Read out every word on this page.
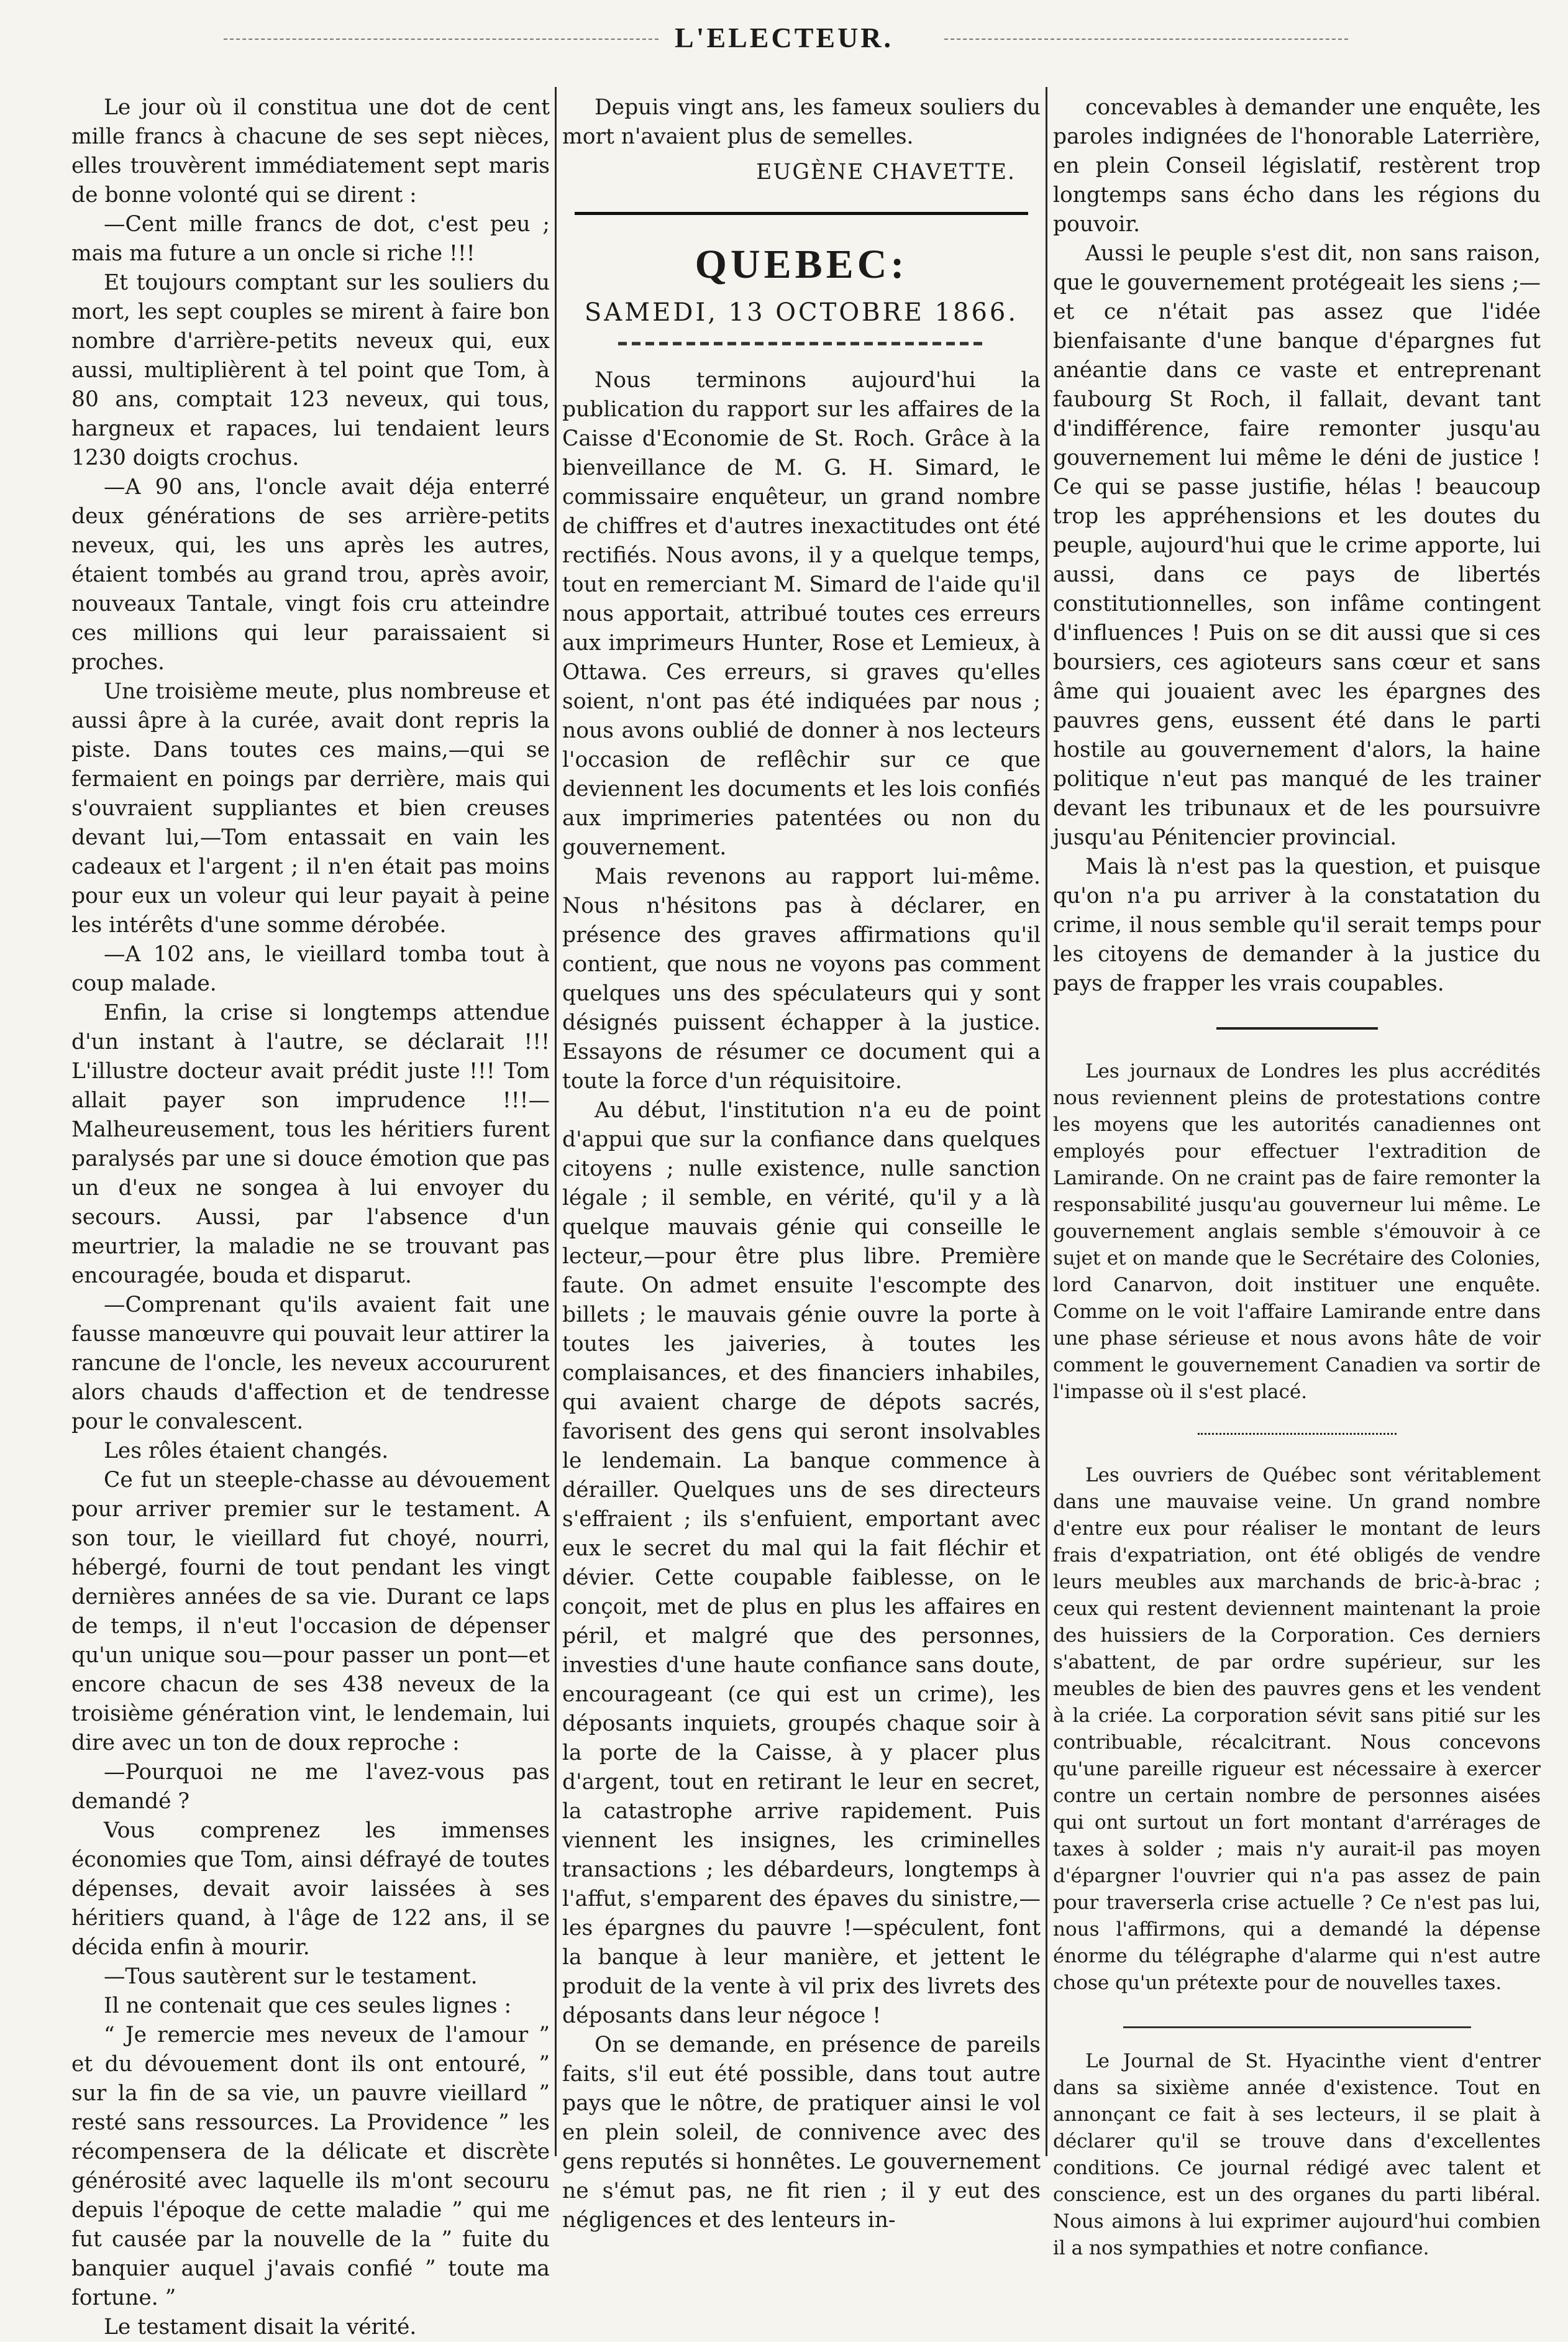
L'ELECTEUR.

Le jour où il constitua une dot de cent mille francs à chacune de ses sept nièces, elles trouvèrent immédiatement sept maris de bonne volonté qui se dirent :

—Cent mille francs de dot, c'est peu ; mais ma future a un oncle si riche !!!

Et toujours comptant sur les souliers du mort, les sept couples se mirent à faire bon nombre d'arrière-petits neveux qui, eux aussi, multiplièrent à tel point que Tom, à 80 ans, comptait 123 neveux, qui tous, hargneux et rapaces, lui tendaient leurs 1230 doigts crochus.

—A 90 ans, l'oncle avait déja enterré deux générations de ses arrière-petits neveux, qui, les uns après les autres, étaient tombés au grand trou, après avoir, nouveaux Tantale, vingt fois cru atteindre ces millions qui leur paraissaient si proches.

Une troisième meute, plus nombreuse et aussi âpre à la curée, avait dont repris la piste. Dans toutes ces mains,—qui se fermaient en poings par derrière, mais qui s'ouvraient suppliantes et bien creuses devant lui,—Tom entassait en vain les cadeaux et l'argent ; il n'en était pas moins pour eux un voleur qui leur payait à peine les intérêts d'une somme dérobée.

—A 102 ans, le vieillard tomba tout à coup malade.

Enfin, la crise si longtemps attendue d'un instant à l'autre, se déclarait !!! L'illustre docteur avait prédit juste !!! Tom allait payer son imprudence !!!—Malheureusement, tous les héritiers furent paralysés par une si douce émotion que pas un d'eux ne songea à lui envoyer du secours. Aussi, par l'absence d'un meurtrier, la maladie ne se trouvant pas encouragée, bouda et disparut.

—Comprenant qu'ils avaient fait une fausse manœuvre qui pouvait leur attirer la rancune de l'oncle, les neveux accoururent alors chauds d'affection et de tendresse pour le convalescent.

Les rôles étaient changés.

Ce fut un steeple-chasse au dévouement pour arriver premier sur le testament. A son tour, le vieillard fut choyé, nourri, hébergé, fourni de tout pendant les vingt dernières années de sa vie. Durant ce laps de temps, il n'eut l'occasion de dépenser qu'un unique sou—pour passer un pont—et encore chacun de ses 438 neveux de la troisième génération vint, le lendemain, lui dire avec un ton de doux reproche :

—Pourquoi ne me l'avez-vous pas demandé ?

Vous comprenez les immenses économies que Tom, ainsi défrayé de toutes dépenses, devait avoir laissées à ses héritiers quand, à l'âge de 122 ans, il se décida enfin à mourir.

—Tous sautèrent sur le testament.

Il ne contenait que ces seules lignes :

“ Je remercie mes neveux de l'amour ” et du dévouement dont ils ont entouré, ” sur la fin de sa vie, un pauvre vieillard ” resté sans ressources. La Providence ” les récompensera de la délicate et discrète générosité avec laquelle ils m'ont secouru depuis l'époque de cette maladie ” qui me fut causée par la nouvelle de la ” fuite du banquier auquel j'avais confié ” toute ma fortune. ”

Le testament disait la vérité.

Depuis vingt ans, les fameux souliers du mort n'avaient plus de semelles.

EUGÈNE CHAVETTE.
QUEBEC:
SAMEDI, 13 OCTOBRE 1866.

Nous terminons aujourd'hui la publication du rapport sur les affaires de la Caisse d'Economie de St. Roch. Grâce à la bienveillance de M. G. H. Simard, le commissaire enquêteur, un grand nombre de chiffres et d'autres inexactitudes ont été rectifiés. Nous avons, il y a quelque temps, tout en remerciant M. Simard de l'aide qu'il nous apportait, attribué toutes ces erreurs aux imprimeurs Hunter, Rose et Lemieux, à Ottawa. Ces erreurs, si graves qu'elles soient, n'ont pas été indiquées par nous ; nous avons oublié de donner à nos lecteurs l'occasion de reflêchir sur ce que deviennent les documents et les lois confiés aux imprimeries patentées ou non du gouvernement.

Mais revenons au rapport lui-même. Nous n'hésitons pas à déclarer, en présence des graves affirmations qu'il contient, que nous ne voyons pas comment quelques uns des spéculateurs qui y sont désignés puissent échapper à la justice. Essayons de résumer ce document qui a toute la force d'un réquisitoire.

Au début, l'institution n'a eu de point d'appui que sur la confiance dans quelques citoyens ; nulle existence, nulle sanction légale ; il semble, en vérité, qu'il y a là quelque mauvais génie qui conseille le lecteur,—pour être plus libre. Première faute. On admet ensuite l'escompte des billets ; le mauvais génie ouvre la porte à toutes les jaiveries, à toutes les complaisances, et des financiers inhabiles, qui avaient charge de dépots sacrés, favorisent des gens qui seront insolvables le lendemain. La banque commence à dérailler. Quelques uns de ses directeurs s'effraient ; ils s'enfuient, emportant avec eux le secret du mal qui la fait fléchir et dévier. Cette coupable faiblesse, on le conçoit, met de plus en plus les affaires en péril, et malgré que des personnes, investies d'une haute confiance sans doute, encourageant (ce qui est un crime), les déposants inquiets, groupés chaque soir à la porte de la Caisse, à y placer plus d'argent, tout en retirant le leur en secret, la catastrophe arrive rapidement. Puis viennent les insignes, les criminelles transactions ; les débardeurs, longtemps à l'affut, s'emparent des épaves du sinistre,—les épargnes du pauvre !—spéculent, font la banque à leur manière, et jettent le produit de la vente à vil prix des livrets des déposants dans leur négoce !

On se demande, en présence de pareils faits, s'il eut été possible, dans tout autre pays que le nôtre, de pratiquer ainsi le vol en plein soleil, de connivence avec des gens reputés si honnêtes. Le gouvernement ne s'émut pas, ne fit rien ; il y eut des négligences et des lenteurs in-

concevables à demander une enquête, les paroles indignées de l'honorable Laterrière, en plein Conseil législatif, restèrent trop longtemps sans écho dans les régions du pouvoir.

Aussi le peuple s'est dit, non sans raison, que le gouvernement protégeait les siens ;—et ce n'était pas assez que l'idée bienfaisante d'une banque d'épargnes fut anéantie dans ce vaste et entreprenant faubourg St Roch, il fallait, devant tant d'indifférence, faire remonter jusqu'au gouvernement lui même le déni de justice ! Ce qui se passe justifie, hélas ! beaucoup trop les appréhensions et les doutes du peuple, aujourd'hui que le crime apporte, lui aussi, dans ce pays de libertés constitutionnelles, son infâme contingent d'influences ! Puis on se dit aussi que si ces boursiers, ces agioteurs sans cœur et sans âme qui jouaient avec les épargnes des pauvres gens, eussent été dans le parti hostile au gouvernement d'alors, la haine politique n'eut pas manqué de les trainer devant les tribunaux et de les poursuivre jusqu'au Pénitencier provincial.

Mais là n'est pas la question, et puisque qu'on n'a pu arriver à la constatation du crime, il nous semble qu'il serait temps pour les citoyens de demander à la justice du pays de frapper les vrais coupables.

Les journaux de Londres les plus accrédités nous reviennent pleins de protestations contre les moyens que les autorités canadiennes ont employés pour effectuer l'extradition de Lamirande. On ne craint pas de faire remonter la responsabilité jusqu'au gouverneur lui même. Le gouvernement anglais semble s'émouvoir à ce sujet et on mande que le Secrétaire des Colonies, lord Canarvon, doit instituer une enquête. Comme on le voit l'affaire Lamirande entre dans une phase sérieuse et nous avons hâte de voir comment le gouvernement Canadien va sortir de l'impasse où il s'est placé.

Les ouvriers de Québec sont véritablement dans une mauvaise veine. Un grand nombre d'entre eux pour réaliser le montant de leurs frais d'expatriation, ont été obligés de vendre leurs meubles aux marchands de bric-à-brac ; ceux qui restent deviennent maintenant la proie des huissiers de la Corporation. Ces derniers s'abattent, de par ordre supérieur, sur les meubles de bien des pauvres gens et les vendent à la criée. La corporation sévit sans pitié sur les contribuable, récalcitrant. Nous concevons qu'une pareille rigueur est nécessaire à exercer contre un certain nombre de personnes aisées qui ont surtout un fort montant d'arrérages de taxes à solder ; mais n'y aurait-il pas moyen d'épargner l'ouvrier qui n'a pas assez de pain pour traverserla crise actuelle ? Ce n'est pas lui, nous l'affirmons, qui a demandé la dépense énorme du télégraphe d'alarme qui n'est autre chose qu'un prétexte pour de nouvelles taxes.

Le Journal de St. Hyacinthe vient d'entrer dans sa sixième année d'existence. Tout en annonçant ce fait à ses lecteurs, il se plait à déclarer qu'il se trouve dans d'excellentes conditions. Ce journal rédigé avec talent et conscience, est un des organes du parti libéral. Nous aimons à lui exprimer aujourd'hui combien il a nos sympathies et notre confiance.
